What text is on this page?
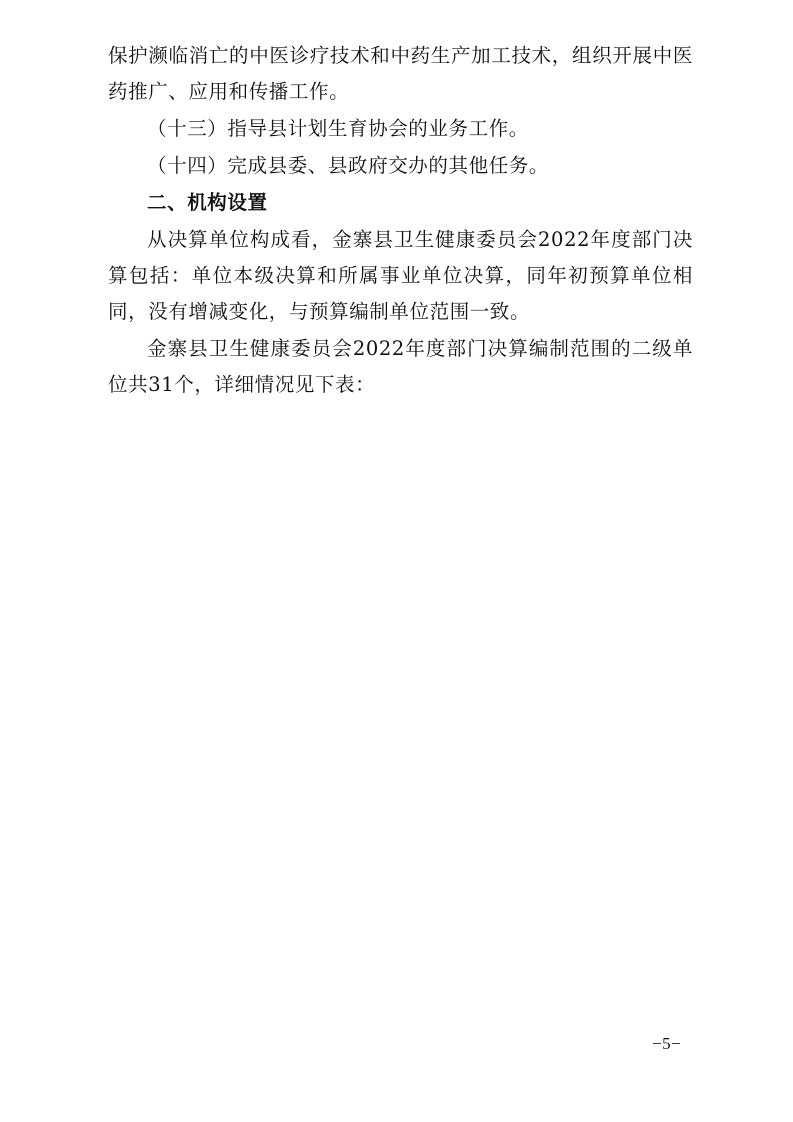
保护濒临消亡的中医诊疗技术和中药生产加工技术，组织开展中医药推广、应用和传播工作。

（十三）指导县计划生育协会的业务工作。

（十四）完成县委、县政府交办的其他任务。

二、机构设置

从决算单位构成看，金寨县卫生健康委员会2022年度部门决算包括：单位本级决算和所属事业单位决算，同年初预算单位相同，没有增减变化，与预算编制单位范围一致。

金寨县卫生健康委员会2022年度部门决算编制范围的二级单位共31个，详细情况见下表：

−5−
